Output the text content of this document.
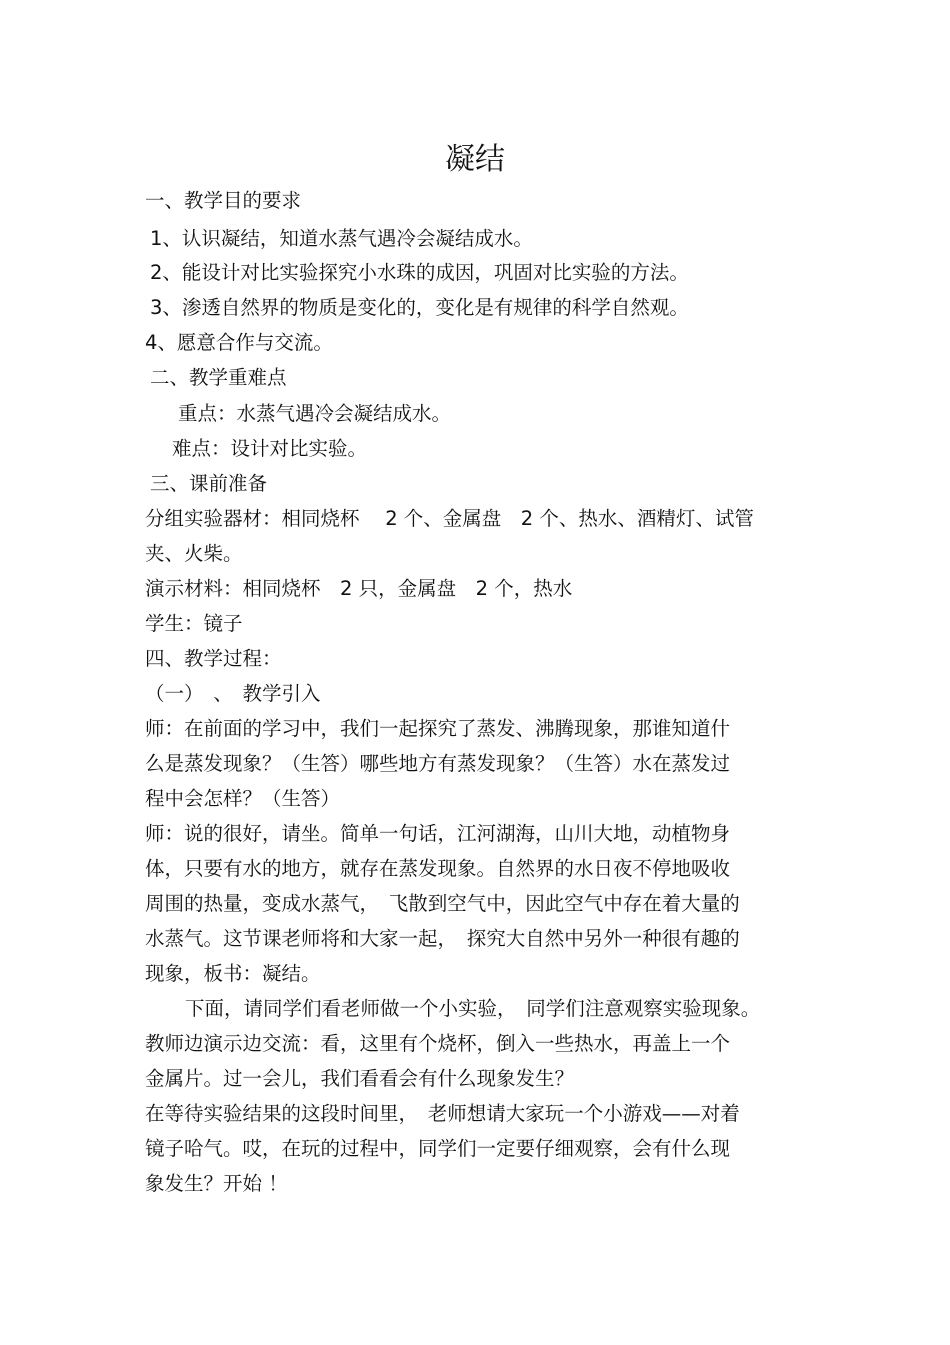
凝结
一、教学目的要求
1、认识凝结，知道水蒸气遇冷会凝结成水。
2、能设计对比实验探究小水珠的成因，巩固对比实验的方法。
3、渗透自然界的物质是变化的，变化是有规律的科学自然观。
4、愿意合作与交流。
二、教学重难点
重点：水蒸气遇冷会凝结成水。
难点：设计对比实验。
三、课前准备
分组实验器材：相同烧杯　 2 个、金属盘　2 个、热水、酒精灯、试管
夹、火柴。
演示材料：相同烧杯　2 只，金属盘　2 个，热水
学生：镜子
四、教学过程：
（一）　、　教学引入
师：在前面的学习中，我们一起探究了蒸发、沸腾现象，那谁知道什
么是蒸发现象？（生答）哪些地方有蒸发现象？（生答）水在蒸发过
程中会怎样？（生答）
师：说的很好，请坐。简单一句话，江河湖海，山川大地，动植物身
体，只要有水的地方，就存在蒸发现象。自然界的水日夜不停地吸收
周围的热量，变成水蒸气，　飞散到空气中，因此空气中存在着大量的
水蒸气。这节课老师将和大家一起，　探究大自然中另外一种很有趣的
现象，板书：凝结。
下面，请同学们看老师做一个小实验，　同学们注意观察实验现象。
教师边演示边交流：看，这里有个烧杯，倒入一些热水，再盖上一个
金属片。过一会儿，我们看看会有什么现象发生？
在等待实验结果的这段时间里，　老师想请大家玩一个小游戏——对着
镜子哈气。哎，在玩的过程中，同学们一定要仔细观察，会有什么现
象发生？开始 ！
